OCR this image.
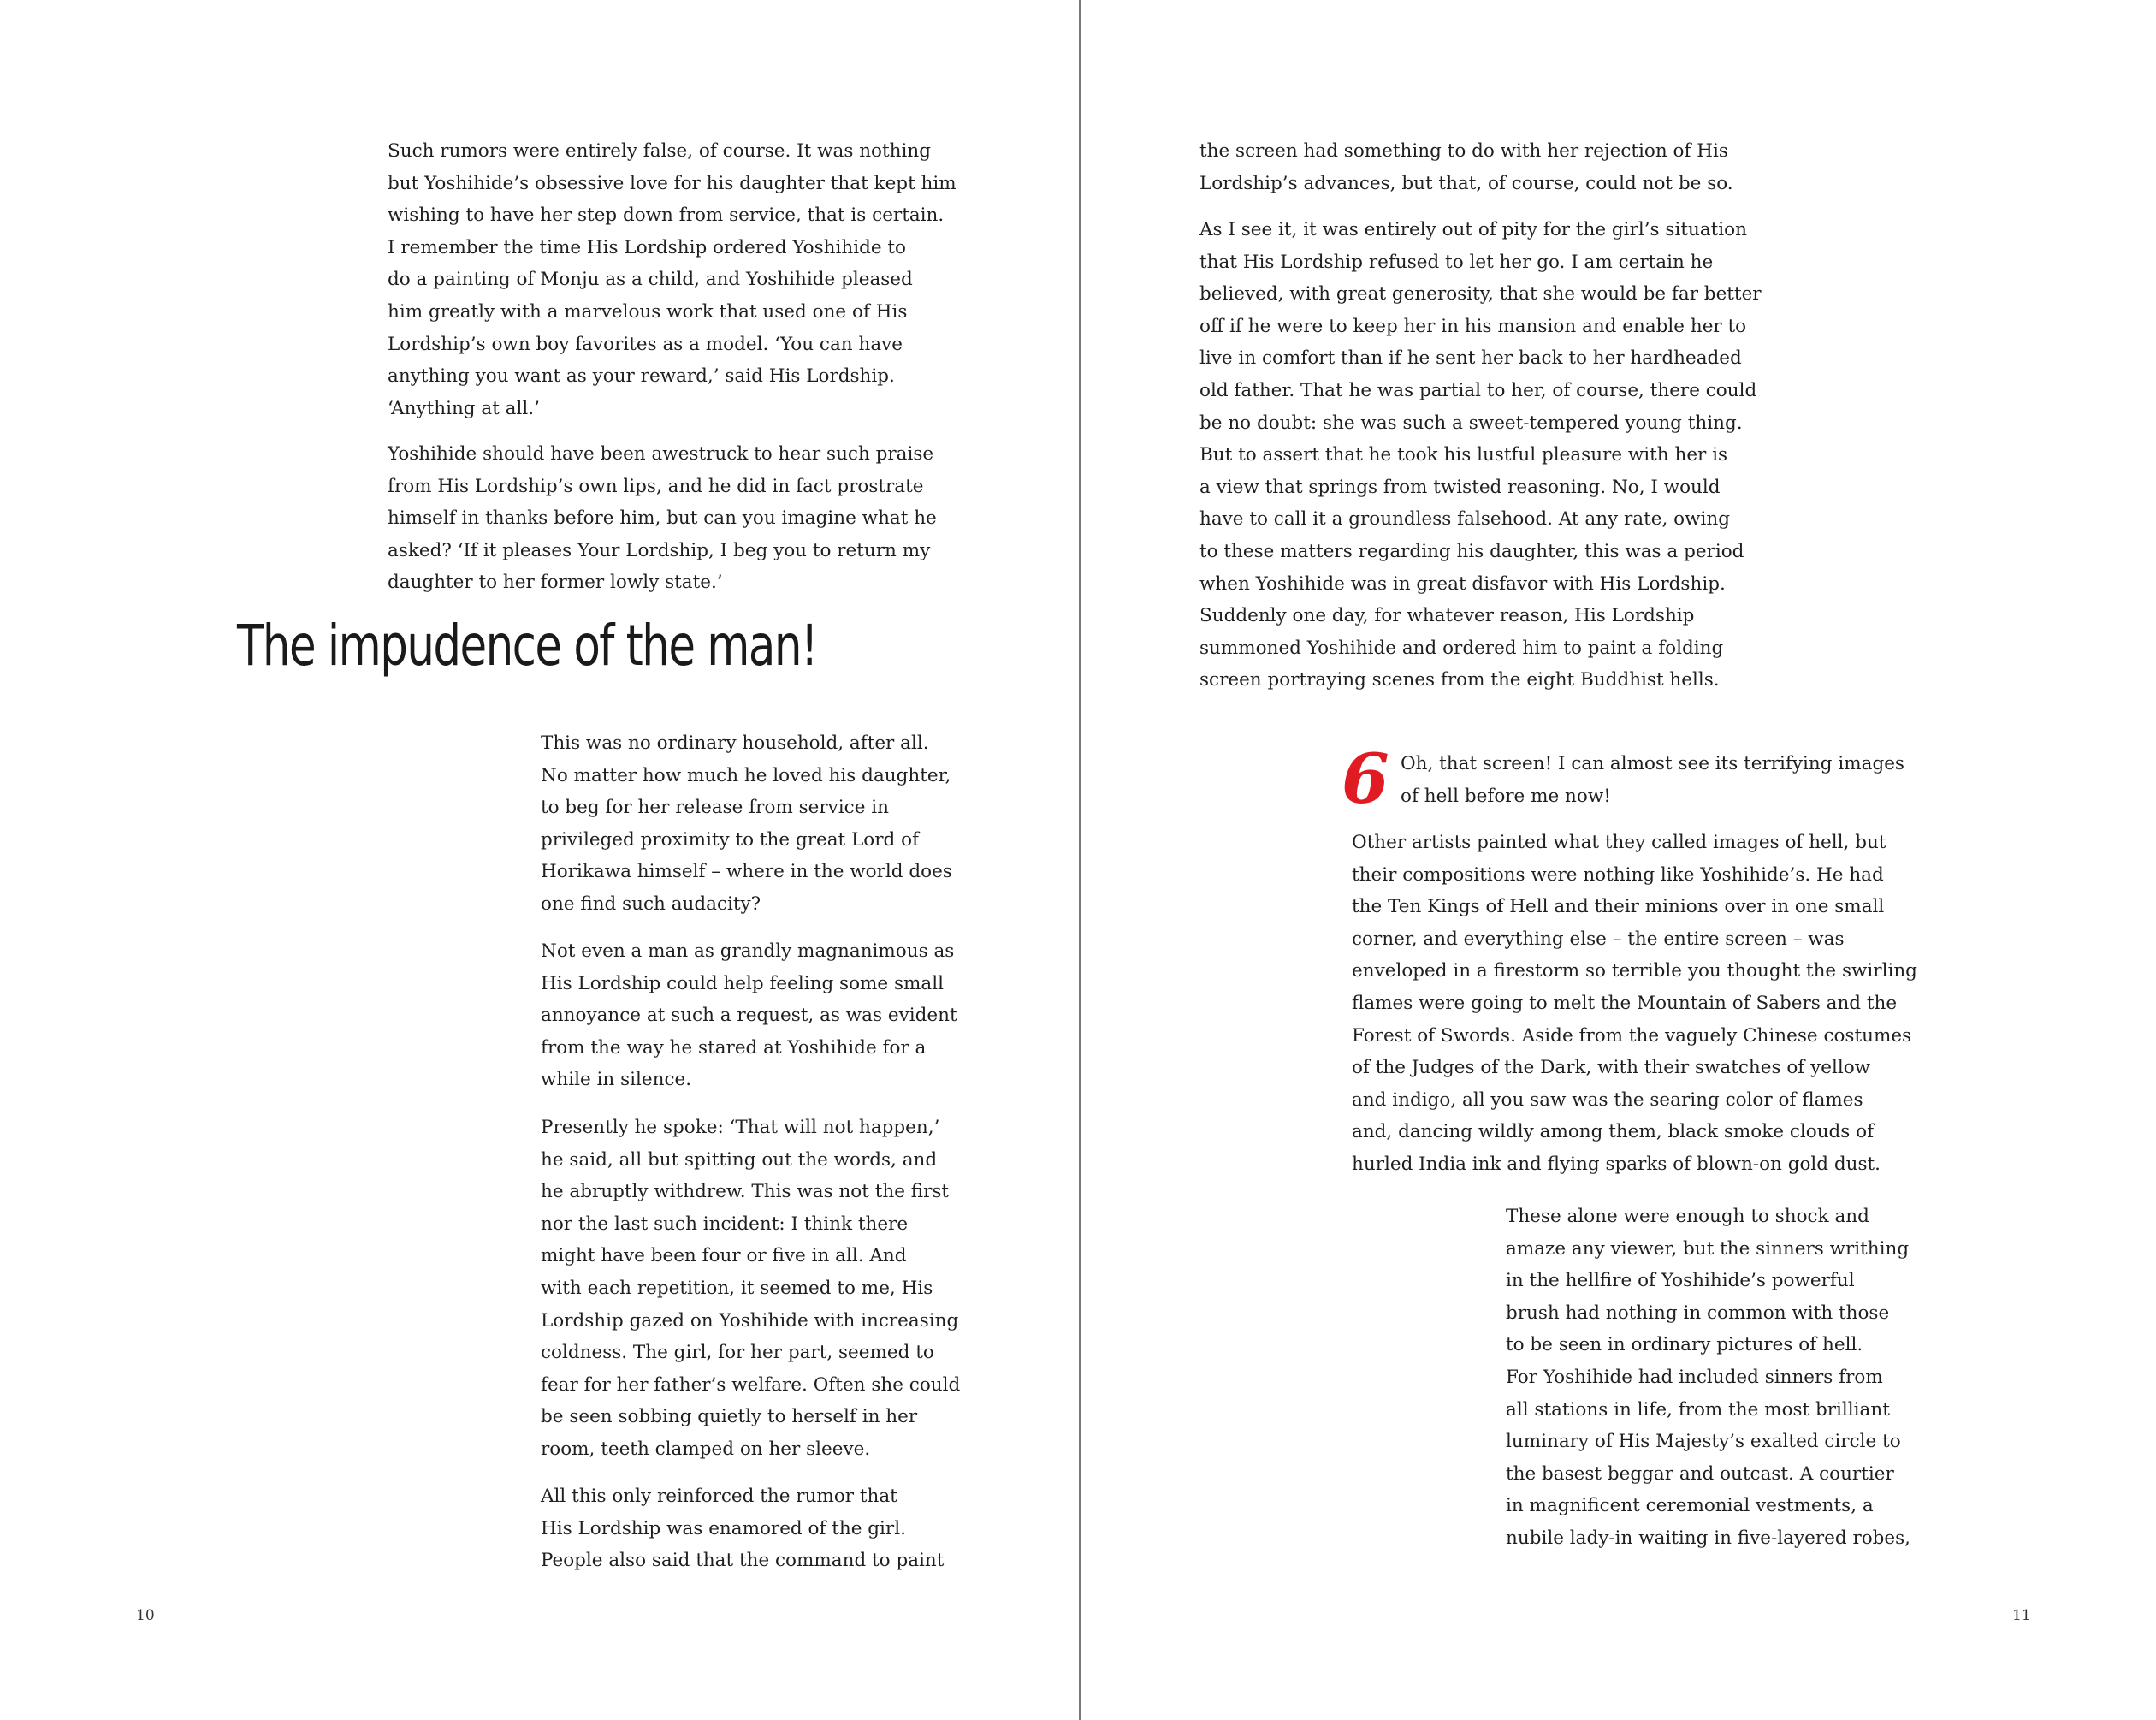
Such rumors were entirely false, of course. It was nothing
but Yoshihide’s obsessive love for his daughter that kept him
wishing to have her step down from service, that is certain.
I remember the time His Lordship ordered Yoshihide to
do a painting of Monju as a child, and Yoshihide pleased
him greatly with a marvelous work that used one of His
Lordship’s own boy favorites as a model. ‘You can have
anything you want as your reward,’ said His Lordship.
‘Anything at all.’
Yoshihide should have been awestruck to hear such praise
from His Lordship’s own lips, and he did in fact prostrate
himself in thanks before him, but can you imagine what he
asked? ‘If it pleases Your Lordship, I beg you to return my
daughter to her former lowly state.’
The impudence of the man!
This was no ordinary household, after all.
No matter how much he loved his daughter,
to beg for her release from service in
privileged proximity to the great Lord of
Horikawa himself – where in the world does
one find such audacity?
Not even a man as grandly magnanimous as
His Lordship could help feeling some small
annoyance at such a request, as was evident
from the way he stared at Yoshihide for a
while in silence.
Presently he spoke: ‘That will not happen,’
he said, all but spitting out the words, and
he abruptly withdrew. This was not the first
nor the last such incident: I think there
might have been four or five in all. And
with each repetition, it seemed to me, His
Lordship gazed on Yoshihide with increasing
coldness. The girl, for her part, seemed to
fear for her father’s welfare. Often she could
be seen sobbing quietly to herself in her
room, teeth clamped on her sleeve.
All this only reinforced the rumor that
His Lordship was enamored of the girl.
People also said that the command to paint
10
the screen had something to do with her rejection of His
Lordship’s advances, but that, of course, could not be so.
As I see it, it was entirely out of pity for the girl’s situation
that His Lordship refused to let her go. I am certain he
believed, with great generosity, that she would be far better
off if he were to keep her in his mansion and enable her to
live in comfort than if he sent her back to her hardheaded
old father. That he was partial to her, of course, there could
be no doubt: she was such a sweet-tempered young thing.
But to assert that he took his lustful pleasure with her is
a view that springs from twisted reasoning. No, I would
have to call it a groundless falsehood. At any rate, owing
to these matters regarding his daughter, this was a period
when Yoshihide was in great disfavor with His Lordship.
Suddenly one day, for whatever reason, His Lordship
summoned Yoshihide and ordered him to paint a folding
screen portraying scenes from the eight Buddhist hells.
6 Oh, that screen! I can almost see its terrifying images
of hell before me now!
Other artists painted what they called images of hell, but
their compositions were nothing like Yoshihide’s. He had
the Ten Kings of Hell and their minions over in one small
corner, and everything else – the entire screen – was
enveloped in a firestorm so terrible you thought the swirling
flames were going to melt the Mountain of Sabers and the
Forest of Swords. Aside from the vaguely Chinese costumes
of the Judges of the Dark, with their swatches of yellow
and indigo, all you saw was the searing color of flames
and, dancing wildly among them, black smoke clouds of
hurled India ink and flying sparks of blown-on gold dust.
These alone were enough to shock and
amaze any viewer, but the sinners writhing
in the hellfire of Yoshihide’s powerful
brush had nothing in common with those
to be seen in ordinary pictures of hell.
For Yoshihide had included sinners from
all stations in life, from the most brilliant
luminary of His Majesty’s exalted circle to
the basest beggar and outcast. A courtier
in magnificent ceremonial vestments, a
nubile lady-in waiting in five-layered robes,
11
